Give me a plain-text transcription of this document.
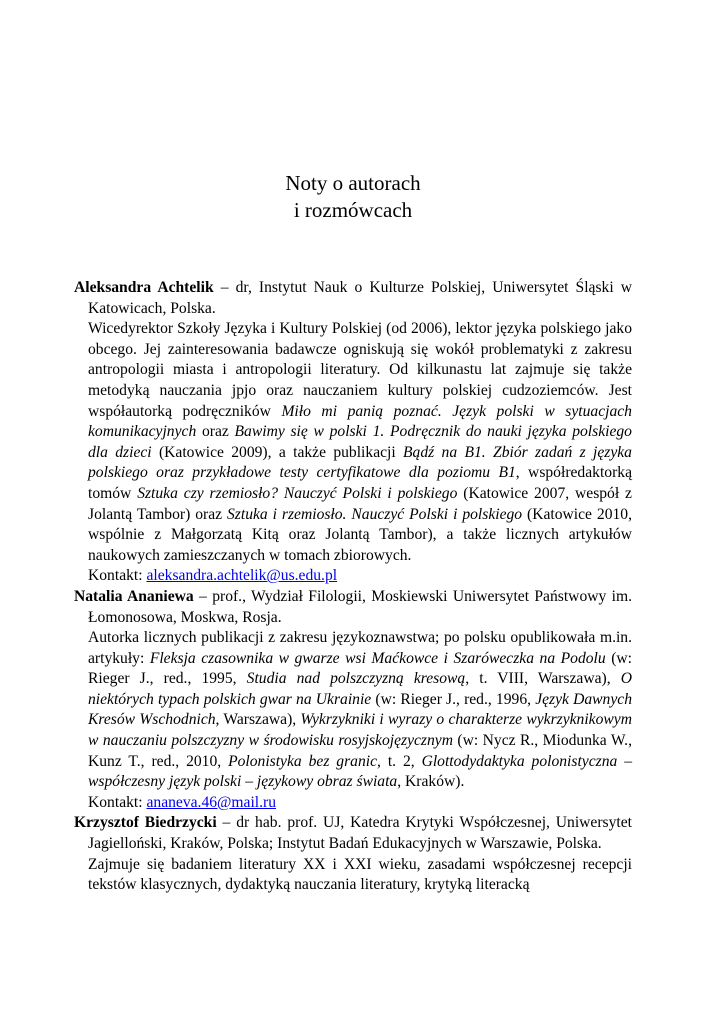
Noty o autorach
i rozmówcach

Aleksandra Achtelik – dr, Instytut Nauk o Kulturze Polskiej, Uniwersytet Śląski w Katowicach, Polska.

Wicedyrektor Szkoły Języka i Kultury Polskiej (od 2006), lektor języka polskiego jako obcego. Jej zainteresowania badawcze ogniskują się wokół problematyki z zakresu antropologii miasta i antropologii literatury. Od kilkunastu lat zajmuje się także metodyką nauczania jpjo oraz nauczaniem kultury polskiej cudzoziemców. Jest współautorką podręczników Miło mi panią poznać. Język polski w sytuacjach komunikacyjnych oraz Bawimy się w polski 1. Podręcznik do nauki języka polskiego dla dzieci (Katowice 2009), a także publikacji Bądź na B1. Zbiór zadań z języka polskiego oraz przykładowe testy certyfikatowe dla poziomu B1, współredaktorką tomów Sztuka czy rzemiosło? Nauczyć Polski i polskiego (Katowice 2007, wespół z Jolantą Tambor) oraz Sztuka i rzemiosło. Nauczyć Polski i polskiego (Katowice 2010, wspólnie z Małgorzatą Kitą oraz Jolantą Tambor), a także licznych artykułów naukowych zamieszczanych w tomach zbiorowych.

Kontakt: aleksandra.achtelik@us.edu.pl

Natalia Ananiewa – prof., Wydział Filologii, Moskiewski Uniwersytet Państwowy im. Łomonosowa, Moskwa, Rosja.

Autorka licznych publikacji z zakresu językoznawstwa; po polsku opublikowała m.in. artykuły: Fleksja czasownika w gwarze wsi Maćkowce i Szaróweczka na Podolu (w: Rieger J., red., 1995, Studia nad polszczyzną kresową, t. VIII, Warszawa), O niektórych typach polskich gwar na Ukrainie (w: Rieger J., red., 1996, Język Dawnych Kresów Wschodnich, Warszawa), Wykrzykniki i wyrazy o charakterze wykrzyknikowym w nauczaniu polszczyzny w środowisku rosyjskojęzycznym (w: Nycz R., Miodunka W., Kunz T., red., 2010, Polonistyka bez granic, t. 2, Glottodydaktyka polonistyczna – współczesny język polski – językowy obraz świata, Kraków).

Kontakt: ananeva.46@mail.ru

Krzysztof Biedrzycki – dr hab. prof. UJ, Katedra Krytyki Współczesnej, Uniwersytet Jagielloński, Kraków, Polska; Instytut Badań Edukacyjnych w Warszawie, Polska.

Zajmuje się badaniem literatury XX i XXI wieku, zasadami współczesnej recepcji tekstów klasycznych, dydaktyką nauczania literatury, krytyką literacką
